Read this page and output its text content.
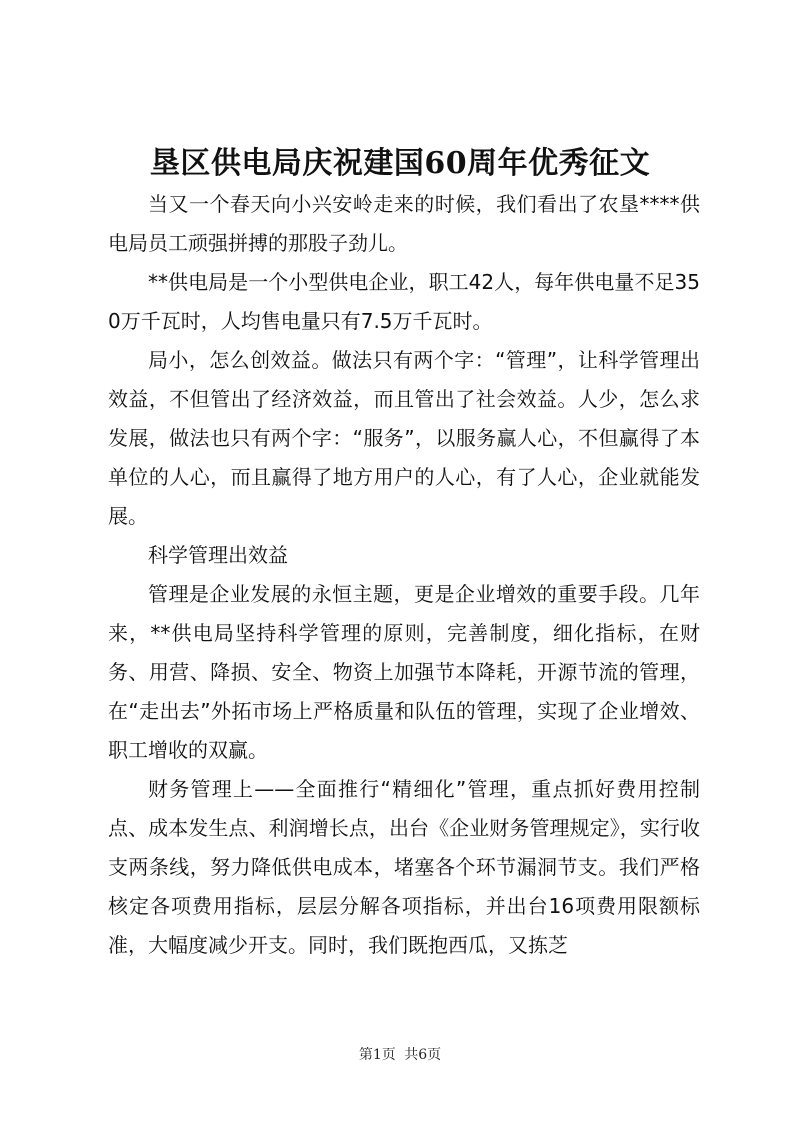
垦区供电局庆祝建国60周年优秀征文

当又一个春天向小兴安岭走来的时候，我们看出了农垦****供电局员工顽强拼搏的那股子劲儿。

**供电局是一个小型供电企业，职工42人，每年供电量不足350万千瓦时，人均售电量只有7.5万千瓦时。

局小，怎么创效益。做法只有两个字：“管理”，让科学管理出效益，不但管出了经济效益，而且管出了社会效益。人少，怎么求发展，做法也只有两个字：“服务”，以服务赢人心，不但赢得了本单位的人心，而且赢得了地方用户的人心，有了人心，企业就能发展。

科学管理出效益

管理是企业发展的永恒主题，更是企业增效的重要手段。几年来，**供电局坚持科学管理的原则，完善制度，细化指标，在财务、用营、降损、安全、物资上加强节本降耗，开源节流的管理，在“走出去”外拓市场上严格质量和队伍的管理，实现了企业增效、职工增收的双赢。

财务管理上——全面推行“精细化”管理，重点抓好费用控制点、成本发生点、利润增长点，出台《企业财务管理规定》，实行收支两条线，努力降低供电成本，堵塞各个环节漏洞节支。我们严格核定各项费用指标，层层分解各项指标，并出台16项费用限额标准，大幅度减少开支。同时，我们既抱西瓜，又拣芝

第1页 共6页
